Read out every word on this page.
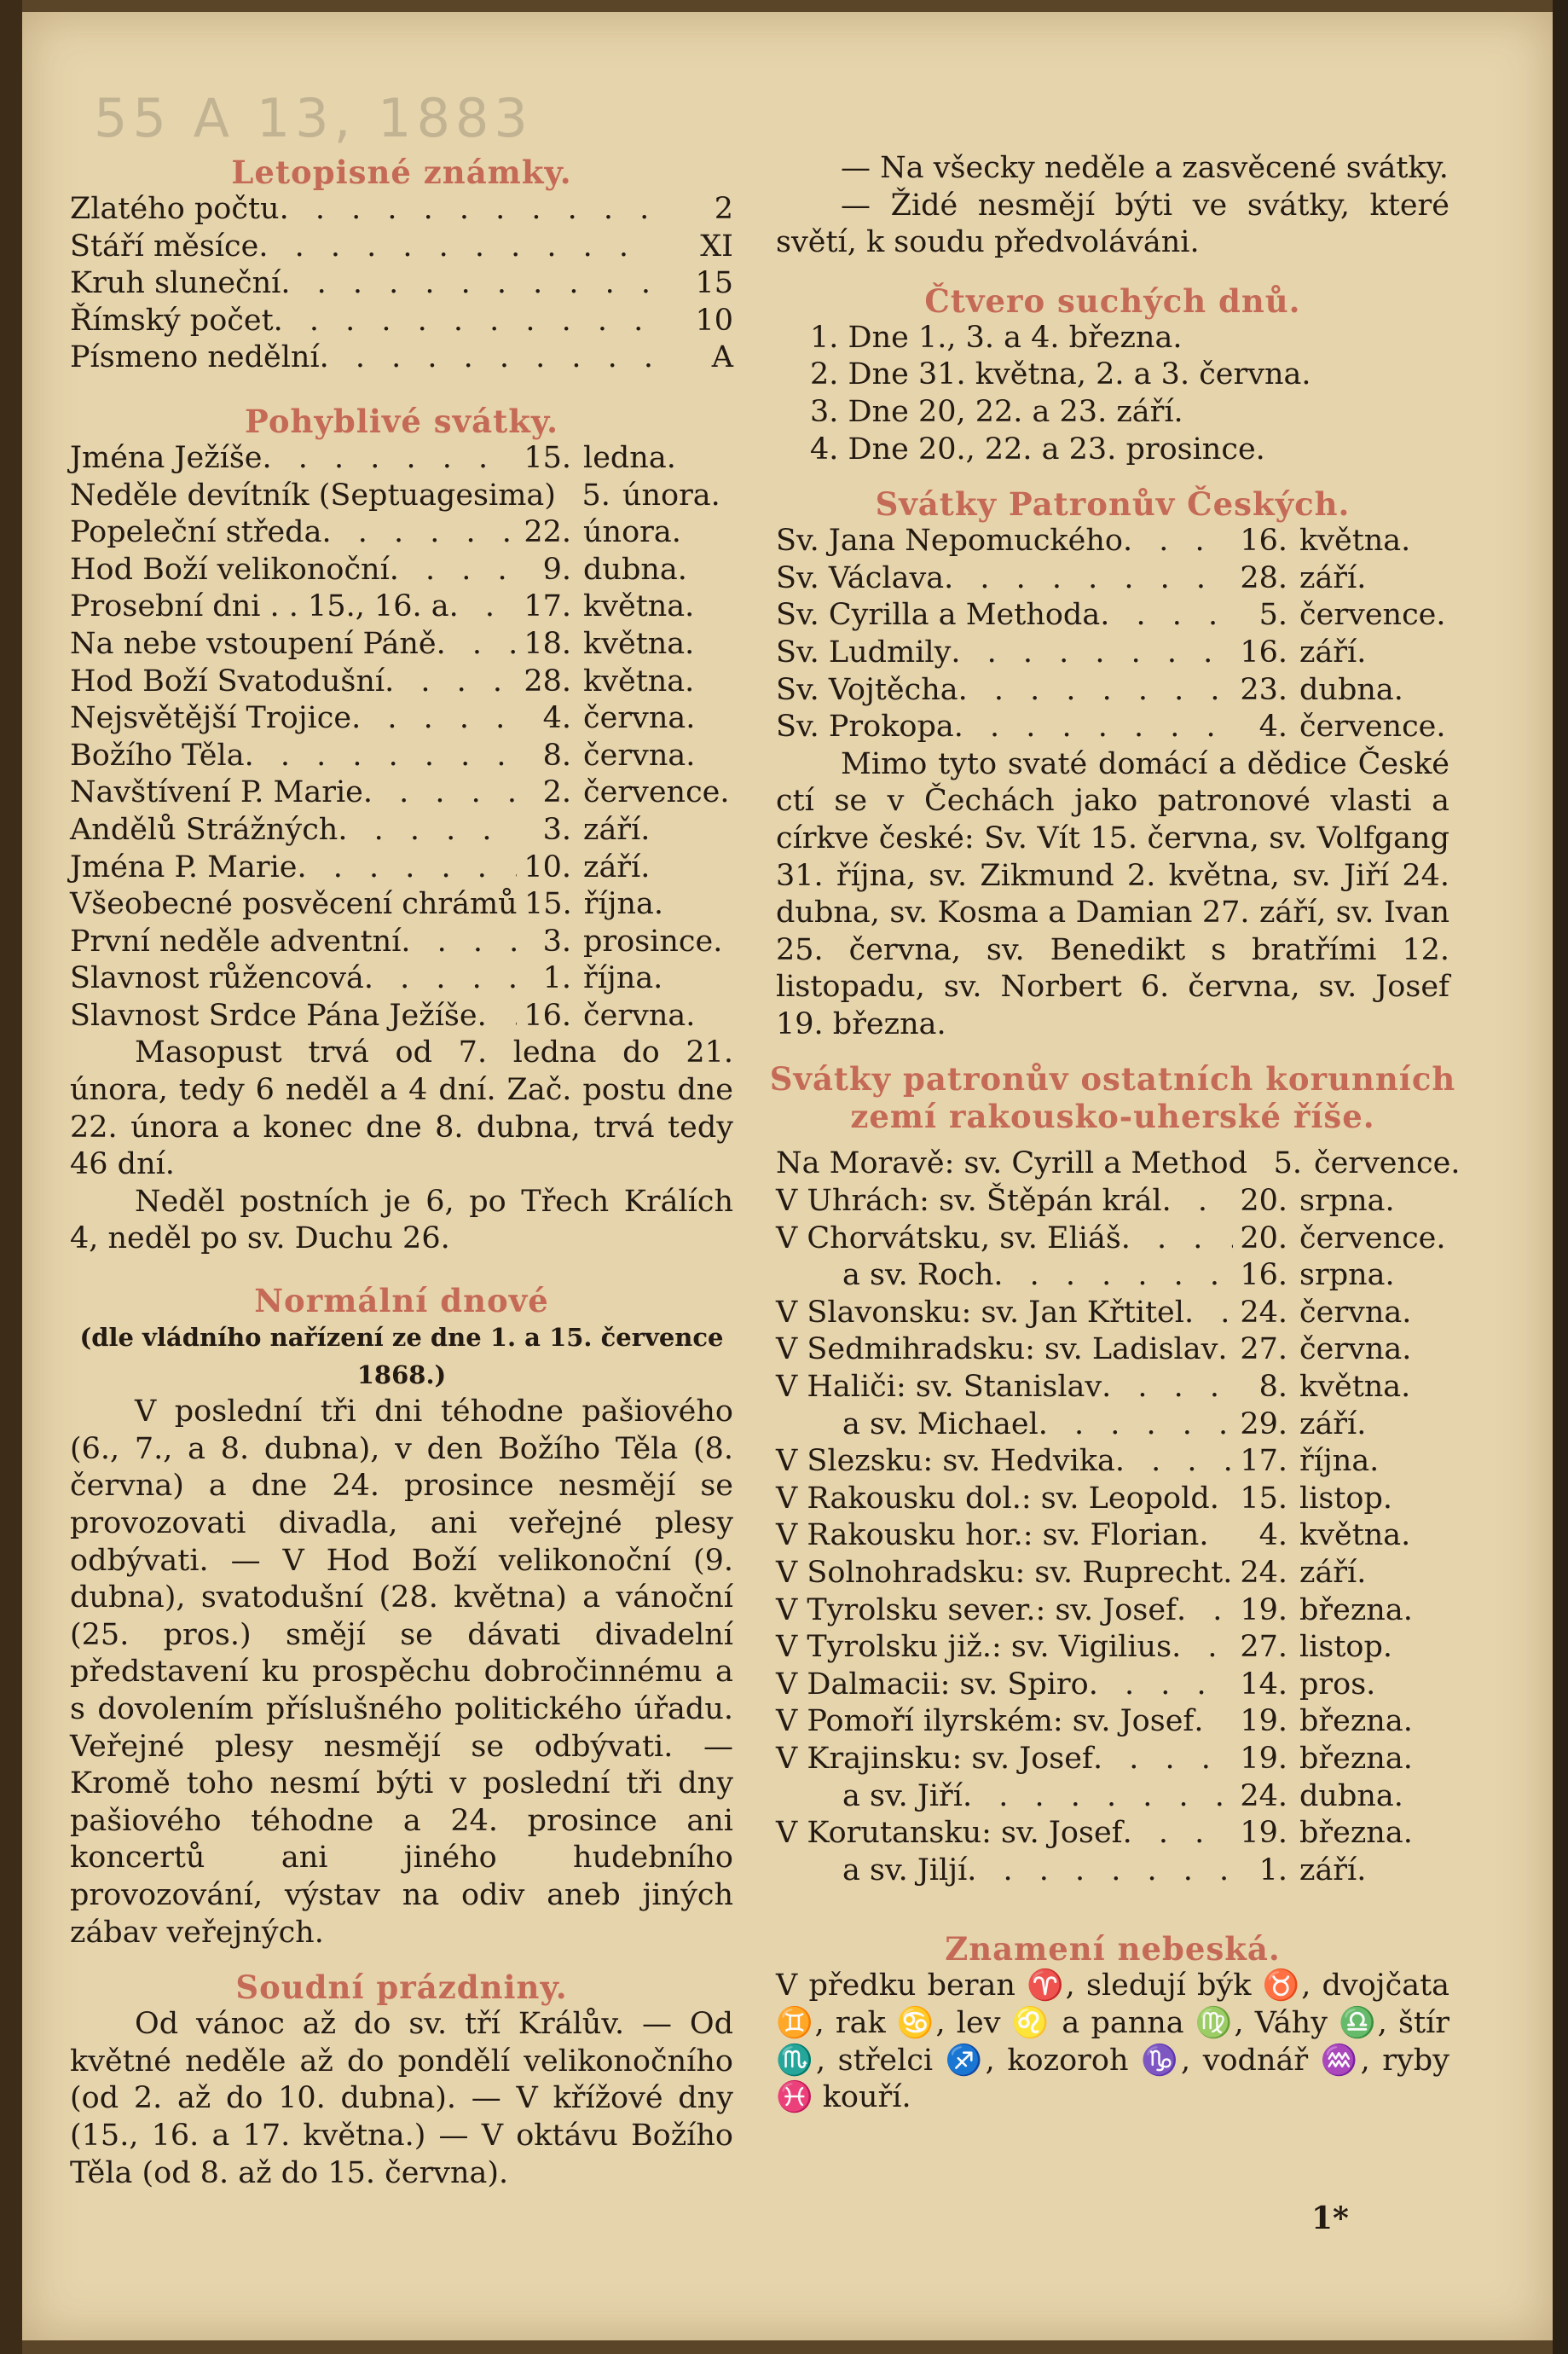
55 A 13, 1883
Letopisné známky.
Zlatého počtu . . .	2
Stáří měsíce . . .	XI
Kruh sluneční . . .	15
Římský počet . . .	10
Písmeno nedělní . . .	A
Pohyblivé svátky.
Jména Ježíše . . .	15. ledna.
Neděle devítník (Septuagesima) 5. února.
Popeleční středa . . .	22. února.
Hod Boží velikonoční . . .	9. dubna.
Prosební dni . . 15., 16. a . . .	17. května.
Na nebe vstoupení Páně . . .	18. května.
Hod Boží Svatodušní . . .	28. května.
Nejsvětější Trojice . . .	4. června.
Božího Těla . . .	8. června.
Navštívení P. Marie . . .	2. července.
Andělů Strážných . . .	3. září.
Jména P. Marie . . .	10. září.
Všeobecné posvěcení chrámů 15. října.
První neděle adventní . . .	3. prosince.
Slavnost růžencová . . .	1. října.
Slavnost Srdce Pána Ježíše . . . 16. června.

Masopust trvá od 7. ledna do 21. února, tedy 6 neděl a 4 dní. Zač. postu dne 22. února a konec dne 8. dubna, trvá tedy 46 dní.

Neděl postních je 6, po Třech Králích 4, neděl po sv. Duchu 26.

Normální dnové
(dle vládního nařízení ze dne 1. a 15. července 1868.)

V poslední tři dni téhodne pašiového (6., 7., a 8. dubna), v den Božího Těla (8. června) a dne 24. prosince nesmějí se provozovati divadla, ani veřejné plesy odbývati. — V Hod Boží velikonoční (9. dubna), svatodušní (28. května) a vánoční (25. pros.) smějí se dávati divadelní představení ku prospěchu dobročinnému a s dovolením příslušného politického úřadu. Veřejné plesy nesmějí se odbývati. — Kromě toho nesmí býti v poslední tři dny pašiového téhodne a 24. prosince ani koncertů ani jiného hudebního provozování, výstav na odiv aneb jiných zábav veřejných.

Soudní prázdniny.

Od vánoc až do sv. tří Králův. — Od květné neděle až do pondělí velikonočního (od 2. až do 10. dubna). — V křížové dny (15., 16. a 17. května.) — V oktávu Božího Těla (od 8. až do 15. června).

— Na všecky neděle a zasvěcené svátky.

— Židé nesmějí býti ve svátky, které světí, k soudu předvoláváni.

Čtvero suchých dnů.
1. Dne 1., 3. a 4. března.
2. Dne 31. května, 2. a 3. června.
3. Dne 20, 22. a 23. září.
4. Dne 20., 22. a 23. prosince.
Svátky Patronův Českých.
Sv. Jana Nepomuckého . . .	16. května.
Sv. Václava . . .	28. září.
Sv. Cyrilla a Methoda . . .	5. července.
Sv. Ludmily . . .	16. září.
Sv. Vojtěcha . . .	23. dubna.
Sv. Prokopa . . .	4. července.

Mimo tyto svaté domácí a dědice České ctí se v Čechách jako patronové vlasti a církve české: Sv. Vít 15. června, sv. Volfgang 31. října, sv. Zikmund 2. května, sv. Jiří 24. dubna, sv. Kosma a Damian 27. září, sv. Ivan 25. června, sv. Benedikt s bratřími 12. listopadu, sv. Norbert 6. června, sv. Josef 19. března.

Svátky patronův ostatních korunních
zemí rakousko-uherské říše.
Na Moravě: sv. Cyrill a Method 5. července.
V Uhrách: sv. Štěpán král . . .	20. srpna.
V Chorvátsku, sv. Eliáš . . .	20. července.
a sv. Roch . . .	16. srpna.
V Slavonsku: sv. Jan Křtitel . . . 24. června.
V Sedmihradsku: sv. Ladislav . . . 27. června.
V Haliči: sv. Stanislav . . .	8. května.
a sv. Michael . . .	29. září.
V Slezsku: sv. Hedvika . . .	17. října.
V Rakousku dol.: sv. Leopold . . . 15. listop.
V Rakousku hor.: sv. Florian . . .	4. května.
V Solnohradsku: sv. Ruprecht . . . 24. září.
V Tyrolsku sever.: sv. Josef . . . 19. března.
V Tyrolsku již.: sv. Vigilius . . . 27. listop.
V Dalmacii: sv. Spiro . . .	14. pros.
V Pomoří ilyrském: sv. Josef . . . 19. března.
V Krajinsku: sv. Josef . . .	19. března.
a sv. Jiří . . .	24. dubna.
V Korutansku: sv. Josef . . .	19. března.
a sv. Jiljí . . .	1. září.
Znamení nebeská.

V předku beran ♈, sledují býk ♉, dvojčata ♊, rak ♋, lev ♌ a panna ♍, Váhy ♎, štír ♏, střelci ♐, kozoroh ♑, vodnář ♒, ryby ♓ kouří.

1*
